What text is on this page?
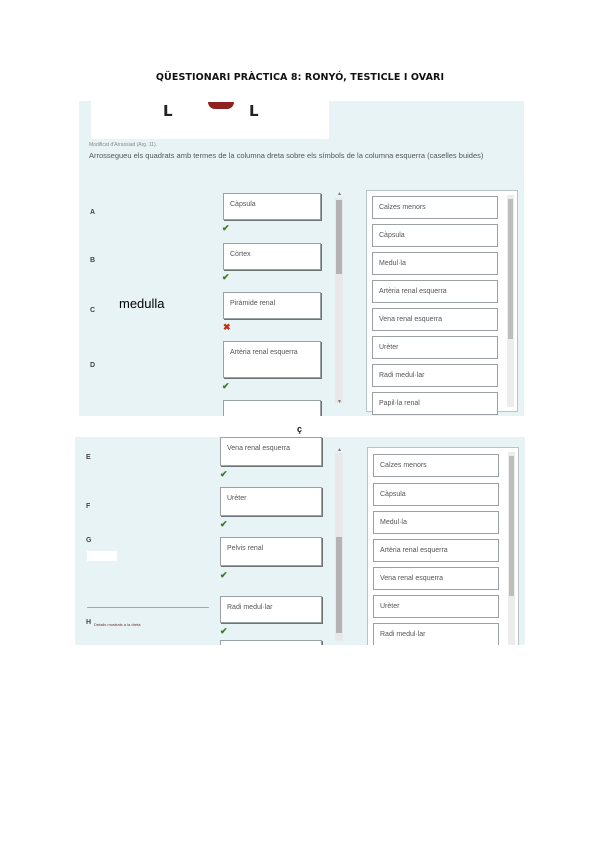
QÜESTIONARI PRÀCTICA 8: RONYÓ, TESTICLE I OVARI
L	L
Modificat d'Arrassiad (Arg. 11).
Arrossegueu els quadrats amb termes de la columna dreta sobre els símbols de la columna esquerra (caselles buides)
A
B
C
D
Càpsula
✔
Còrtex
✔
Piràmide renal
✖
Artèria renal esquerra
✔
▲
▼
Calzes menors
Càpsula
Medul·la
Artèria renal esquerra
Vena renal esquerra
Urèter
Radi medul·lar
Papil·la renal
medulla
ç
E
F
G
H Detalls mostrats a la dreta
Vena renal esquerra
✔
Urèter
✔
Pelvis renal
✔
Radi medul·lar
✔
▲
Calzes menors
Càpsula
Medul·la
Artèria renal esquerra
Vena renal esquerra
Urèter
Radi medul·lar
